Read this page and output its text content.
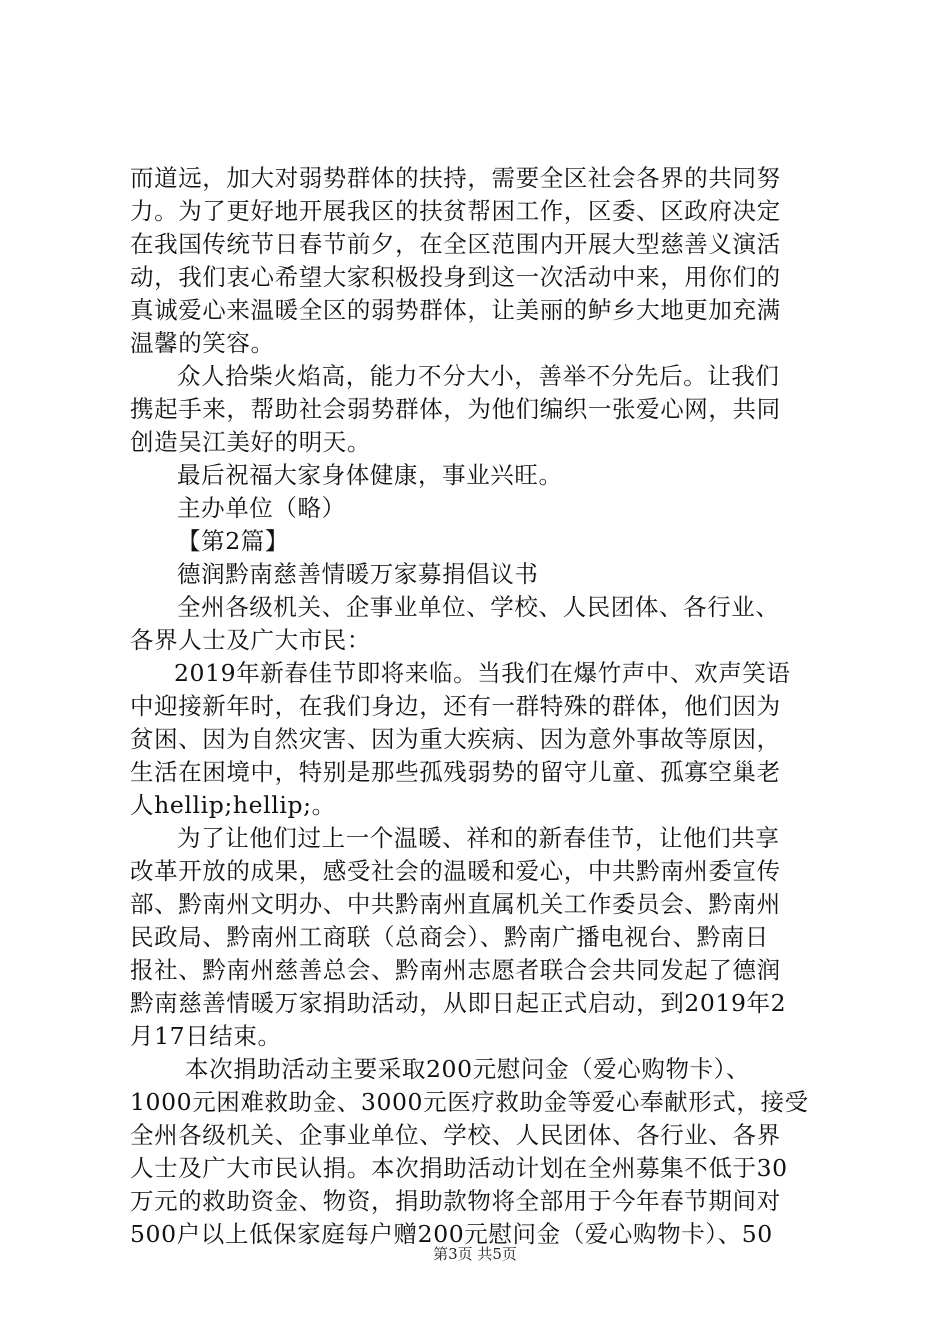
而道远，加大对弱势群体的扶持，需要全区社会各界的共同努
力。为了更好地开展我区的扶贫帮困工作，区委、区政府决定
在我国传统节日春节前夕，在全区范围内开展大型慈善义演活
动，我们衷心希望大家积极投身到这一次活动中来，用你们的
真诚爱心来温暖全区的弱势群体，让美丽的鲈乡大地更加充满
温馨的笑容。
众人拾柴火焰高，能力不分大小，善举不分先后。让我们
携起手来，帮助社会弱势群体，为他们编织一张爱心网，共同
创造吴江美好的明天。
最后祝福大家身体健康，事业兴旺。
主办单位（略）
【第2篇】
德润黔南慈善情暖万家募捐倡议书
全州各级机关、企事业单位、学校、人民团体、各行业、
各界人士及广大市民：
2019年新春佳节即将来临。当我们在爆竹声中、欢声笑语
中迎接新年时，在我们身边，还有一群特殊的群体，他们因为
贫困、因为自然灾害、因为重大疾病、因为意外事故等原因，
生活在困境中，特别是那些孤残弱势的留守儿童、孤寡空巢老
人hellip;hellip;。
为了让他们过上一个温暖、祥和的新春佳节，让他们共享
改革开放的成果，感受社会的温暖和爱心，中共黔南州委宣传
部、黔南州文明办、中共黔南州直属机关工作委员会、黔南州
民政局、黔南州工商联（总商会）、黔南广播电视台、黔南日
报社、黔南州慈善总会、黔南州志愿者联合会共同发起了德润
黔南慈善情暖万家捐助活动，从即日起正式启动，到2019年2
月17日结束。
本次捐助活动主要采取200元慰问金（爱心购物卡）、
1000元困难救助金、3000元医疗救助金等爱心奉献形式，接受
全州各级机关、企事业单位、学校、人民团体、各行业、各界
人士及广大市民认捐。本次捐助活动计划在全州募集不低于30
万元的救助资金、物资，捐助款物将全部用于今年春节期间对
500户以上低保家庭每户赠200元慰问金（爱心购物卡）、50
第3页 共5页
